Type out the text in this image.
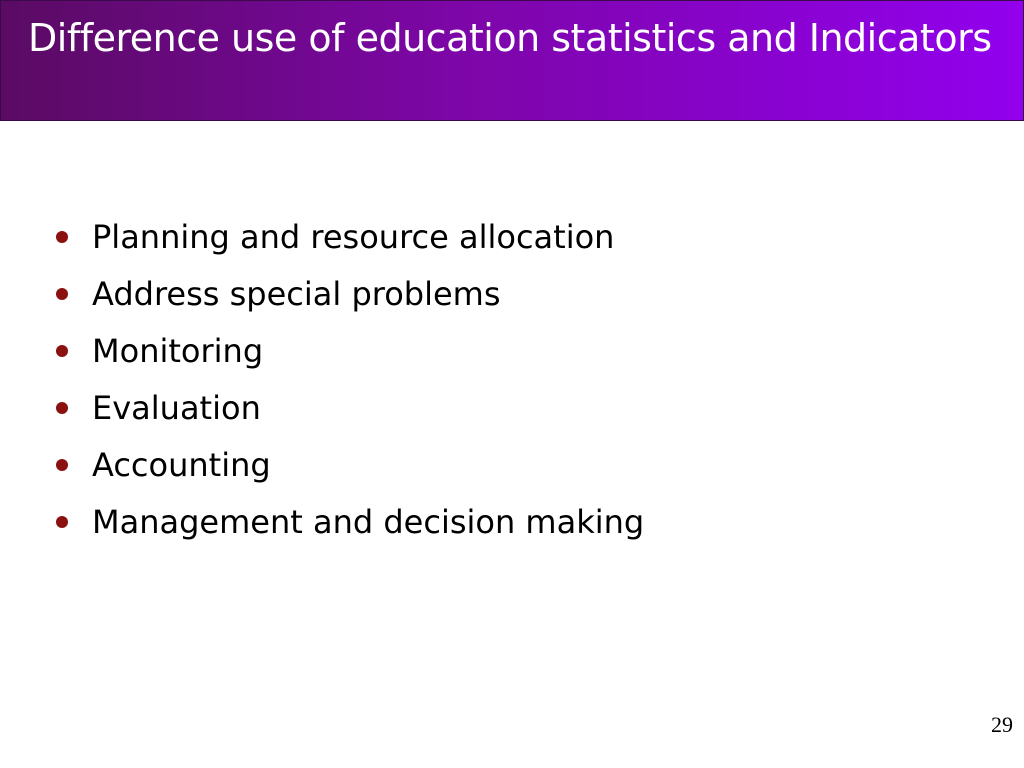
Difference use of education statistics and Indicators
Planning and resource allocation
Address special problems
Monitoring
Evaluation
Accounting
Management and decision making
29
